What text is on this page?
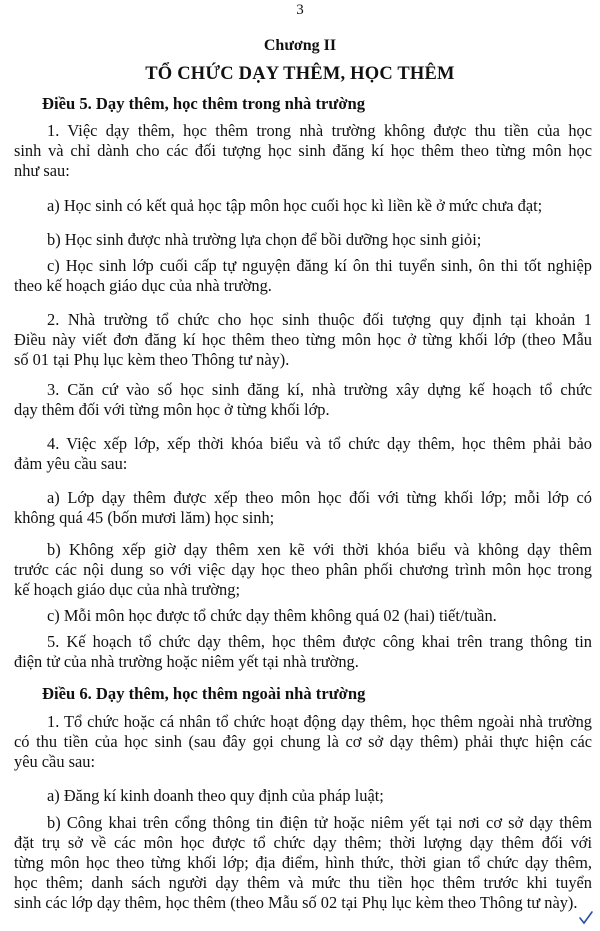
3
Chương II
TỔ CHỨC DẠY THÊM, HỌC THÊM
Điều 5. Dạy thêm, học thêm trong nhà trường
1. Việc dạy thêm, học thêm trong nhà trường không được thu tiền của học
sinh và chỉ dành cho các đối tượng học sinh đăng kí học thêm theo từng môn học
như sau:
a) Học sinh có kết quả học tập môn học cuối học kì liền kề ở mức chưa đạt;
b) Học sinh được nhà trường lựa chọn để bồi dưỡng học sinh giỏi;
c) Học sinh lớp cuối cấp tự nguyện đăng kí ôn thi tuyển sinh, ôn thi tốt nghiệp
theo kế hoạch giáo dục của nhà trường.
2. Nhà trường tổ chức cho học sinh thuộc đối tượng quy định tại khoản 1
Điều này viết đơn đăng kí học thêm theo từng môn học ở từng khối lớp (theo Mẫu
số 01 tại Phụ lục kèm theo Thông tư này).
3. Căn cứ vào số học sinh đăng kí, nhà trường xây dựng kế hoạch tổ chức
dạy thêm đối với từng môn học ở từng khối lớp.
4. Việc xếp lớp, xếp thời khóa biểu và tổ chức dạy thêm, học thêm phải bảo
đảm yêu cầu sau:
a) Lớp dạy thêm được xếp theo môn học đối với từng khối lớp; mỗi lớp có
không quá 45 (bốn mươi lăm) học sinh;
b) Không xếp giờ dạy thêm xen kẽ với thời khóa biểu và không dạy thêm
trước các nội dung so với việc dạy học theo phân phối chương trình môn học trong
kế hoạch giáo dục của nhà trường;
c) Mỗi môn học được tổ chức dạy thêm không quá 02 (hai) tiết/tuần.
5. Kế hoạch tổ chức dạy thêm, học thêm được công khai trên trang thông tin
điện tử của nhà trường hoặc niêm yết tại nhà trường.
Điều 6. Dạy thêm, học thêm ngoài nhà trường
1. Tổ chức hoặc cá nhân tổ chức hoạt động dạy thêm, học thêm ngoài nhà trường
có thu tiền của học sinh (sau đây gọi chung là cơ sở dạy thêm) phải thực hiện các
yêu cầu sau:
a) Đăng kí kinh doanh theo quy định của pháp luật;
b) Công khai trên cổng thông tin điện tử hoặc niêm yết tại nơi cơ sở dạy thêm
đặt trụ sở về các môn học được tổ chức dạy thêm; thời lượng dạy thêm đối với
từng môn học theo từng khối lớp; địa điểm, hình thức, thời gian tổ chức dạy thêm,
học thêm; danh sách người dạy thêm và mức thu tiền học thêm trước khi tuyển
sinh các lớp dạy thêm, học thêm (theo Mẫu số 02 tại Phụ lục kèm theo Thông tư này).
